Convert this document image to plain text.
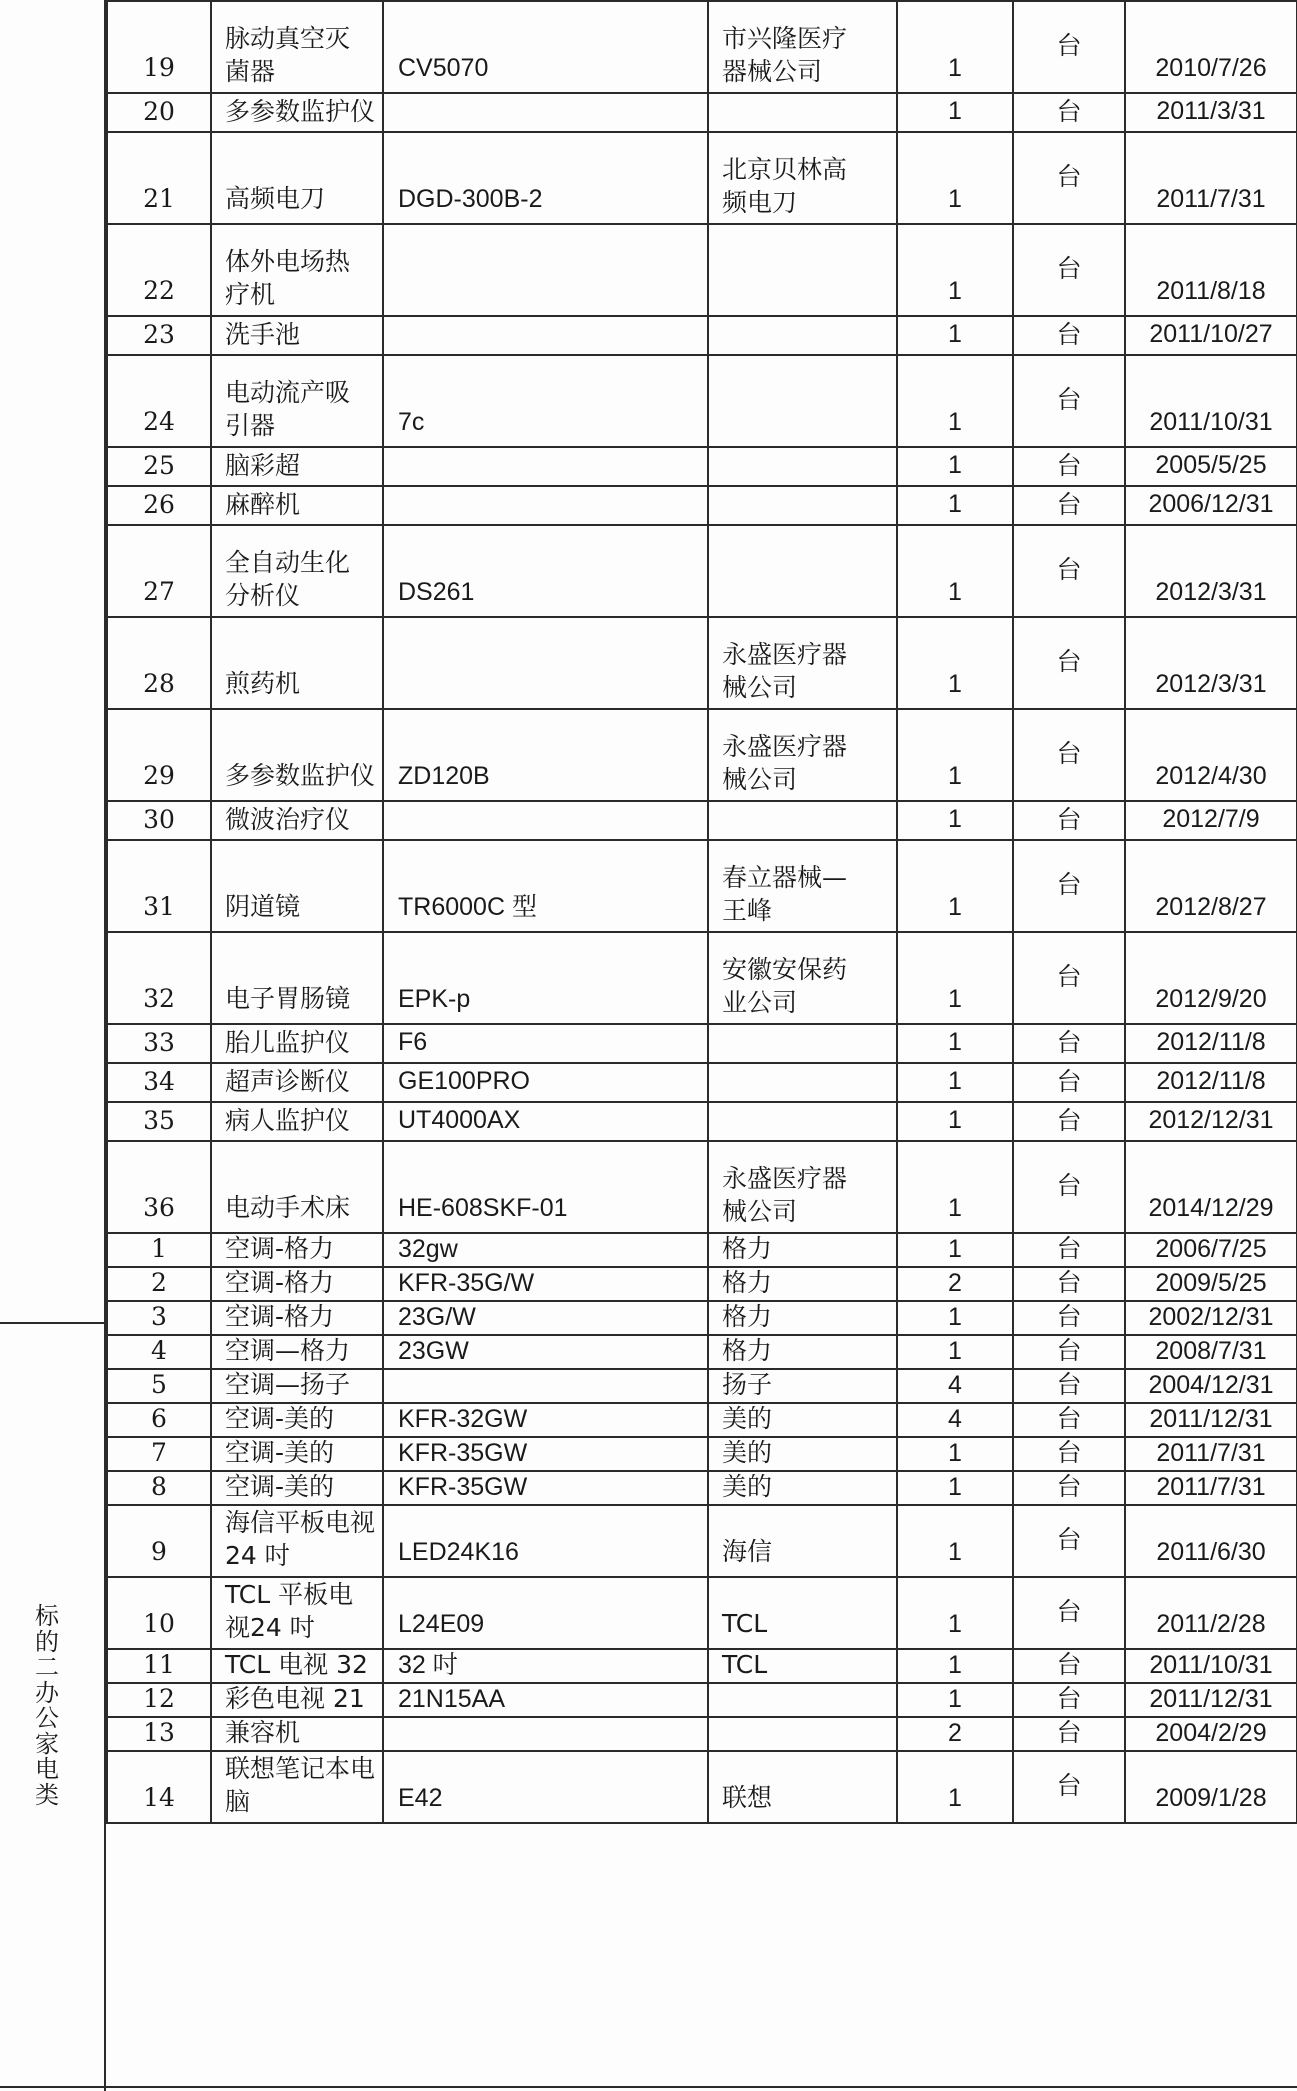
标的二办公家电类
19	脉动真空灭菌器	CV5070	市兴隆医疗器械公司	1	台	2010/7/26

20	多参数监护仪			1	台	2011/3/31

21	高频电刀	DGD-300B-2	北京贝林高频电刀	1	台	2011/7/31

22	体外电场热疗机			1	台	2011/8/18

23	洗手池			1	台	2011/10/27

24	电动流产吸引器	7c		1	台	2011/10/31

25	脑彩超			1	台	2005/5/25

26	麻醉机			1	台	2006/12/31

27	全自动生化分析仪	DS261		1	台	2012/3/31

28	煎药机		永盛医疗器械公司	1	台	2012/3/31

29	多参数监护仪	ZD120B	永盛医疗器械公司	1	台	2012/4/30

30	微波治疗仪			1	台	2012/7/9

31	阴道镜	TR6000C 型	春立器械—王峰	1	台	2012/8/27

32	电子胃肠镜	EPK-p	安徽安保药业公司	1	台	2012/9/20

33	胎儿监护仪	F6		1	台	2012/11/8

34	超声诊断仪	GE100PRO		1	台	2012/11/8

35	病人监护仪	UT4000AX		1	台	2012/12/31

36	电动手术床	HE-608SKF-01	永盛医疗器械公司	1	台	2014/12/29

1	空调-格力	32gw	格力	1	台	2006/7/25

2	空调-格力	KFR-35G/W	格力	2	台	2009/5/25

3	空调-格力	23G/W	格力	1	台	2002/12/31

4	空调—格力	23GW	格力	1	台	2008/7/31

5	空调—扬子		扬子	4	台	2004/12/31

6	空调-美的	KFR-32GW	美的	4	台	2011/12/31

7	空调-美的	KFR-35GW	美的	1	台	2011/7/31

8	空调-美的	KFR-35GW	美的	1	台	2011/7/31

9	海信平板电视24 吋	LED24K16	海信	1	台	2011/6/30

10	TCL 平板电视24 吋	L24E09	TCL	1	台	2011/2/28

11	TCL 电视 32	32 吋	TCL	1	台	2011/10/31

12	彩色电视 21	21N15AA		1	台	2011/12/31

13	兼容机			2	台	2004/2/29

14	联想笔记本电脑	E42	联想	1	台	2009/1/28
